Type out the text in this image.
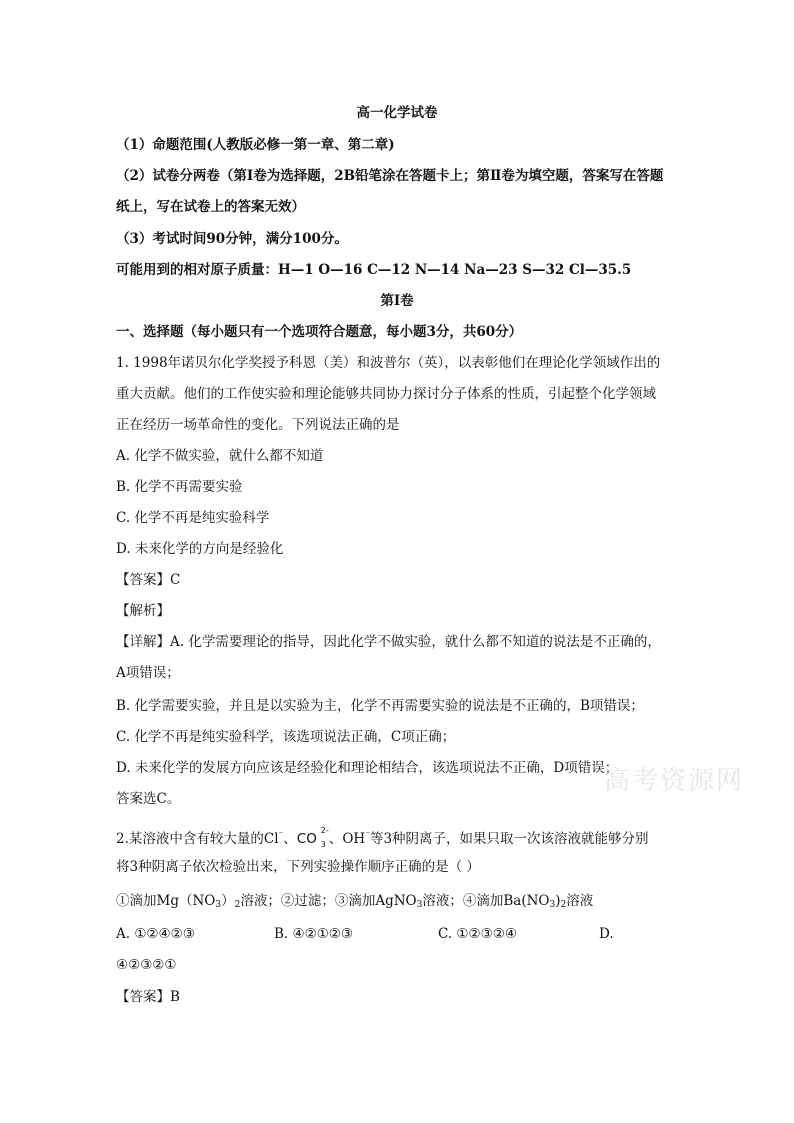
高一化学试卷
（1）命题范围(人教版必修一第一章、第二章)
（2）试卷分两卷（第Ⅰ卷为选择题，2B铅笔涂在答题卡上；第Ⅱ卷为填空题，答案写在答题
纸上，写在试卷上的答案无效）
（3）考试时间90分钟，满分100分。
可能用到的相对原子质量：H—1 O—16 C—12 N—14 Na—23 S—32 Cl—35.5
第Ⅰ卷
一、选择题（每小题只有一个选项符合题意，每小题3分，共60分）
1. 1998年诺贝尔化学奖授予科恩（美）和波普尔（英），以表彰他们在理论化学领域作出的
重大贡献。他们的工作使实验和理论能够共同协力探讨分子体系的性质，引起整个化学领域
正在经历一场革命性的变化。下列说法正确的是
A. 化学不做实验，就什么都不知道
B. 化学不再需要实验
C. 化学不再是纯实验科学
D. 未来化学的方向是经验化
【答案】C
【解析】
【详解】A. 化学需要理论的指导，因此化学不做实验，就什么都不知道的说法是不正确的，
A项错误；
B. 化学需要实验，并且是以实验为主，化学不再需要实验的说法是不正确的，B项错误；
C. 化学不再是纯实验科学，该选项说法正确，C项正确；
D. 未来化学的发展方向应该是经验化和理论相结合，该选项说法不正确，D项错误；
答案选C。
高考资源网
2.某溶液中含有较大量的Cl⁻、CO
2-
3 、OH⁻等3种阴离子，如果只取一次该溶液就能够分别
将3种阴离子依次检验出来，下列实验操作顺序正确的是（ ）
①滴加$Mg(NO_3)_2$溶液；②过滤；③滴加AgNO$_3$溶液；④滴加$Ba(NO_3)_2$溶液
A. ①②④②③	B. ④②①②③	C. ①②③②④	D.
④②③②①
【答案】B
